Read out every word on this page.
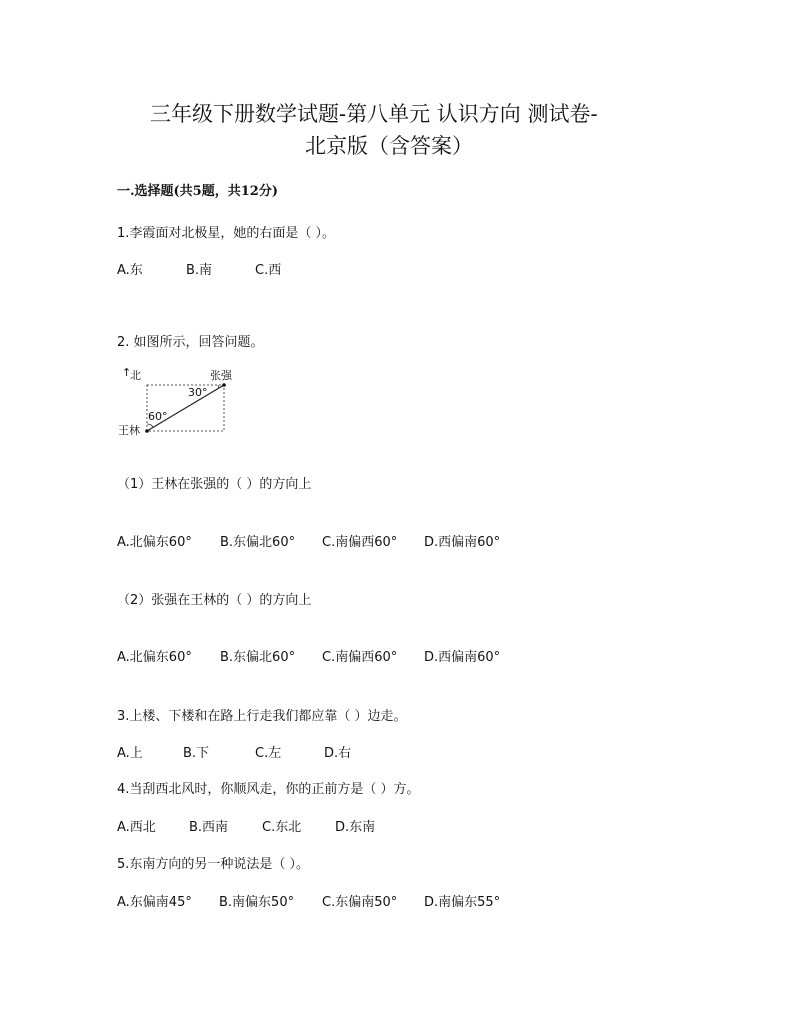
三年级下册数学试题-第八单元 认识方向 测试卷-
北京版（含答案）
一.选择题(共5题，共12分)
1.李霞面对北极星，她的右面是（ ）。
A.东	B.南	C.西
2. 如图所示，回答问题。
↑
北	张强
30°
60°
王林
（1）王林在张强的（ ）的方向上
A.北偏东60° B.东偏北60° C.南偏西60° D.西偏南60°
（2）张强在王林的（ ）的方向上
A.北偏东60° B.东偏北60° C.南偏西60° D.西偏南60°
3.上楼、下楼和在路上行走我们都应靠（ ）边走。
A.上	B.下	C.左	D.右
4.当刮西北风时，你顺风走，你的正前方是（ ）方。
A.西北	B.西南	C.东北	D.东南
5.东南方向的另一种说法是（ ）。
A.东偏南45° B.南偏东50° C.东偏南50° D.南偏东55°
